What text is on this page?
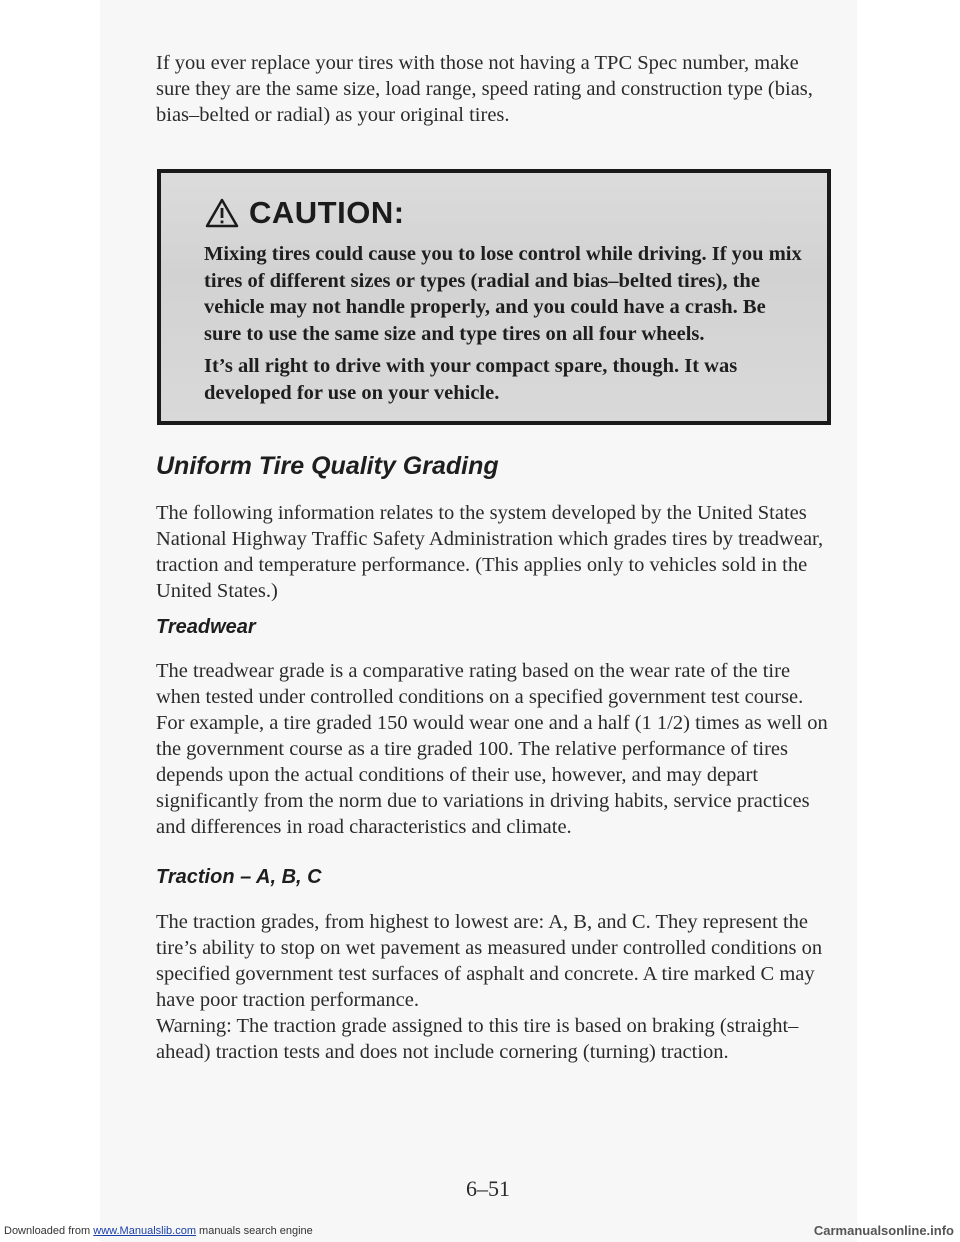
If you ever replace your tires with those not having a TPC Spec number, make sure they are the same size, load range, speed rating and construction type (bias, bias–belted or radial) as your original tires.

CAUTION:

Mixing tires could cause you to lose control while driving. If you mix tires of different sizes or types (radial and bias–belted tires), the vehicle may not handle properly, and you could have a crash. Be sure to use the same size and type tires on all four wheels.

It’s all right to drive with your compact spare, though. It was developed for use on your vehicle.

Uniform Tire Quality Grading

The following information relates to the system developed by the United States National Highway Traffic Safety Administration which grades tires by treadwear, traction and temperature performance. (This applies only to vehicles sold in the United States.)

Treadwear

The treadwear grade is a comparative rating based on the wear rate of the tire when tested under controlled conditions on a specified government test course. For example, a tire graded 150 would wear one and a half (1 1/2) times as well on the government course as a tire graded 100. The relative performance of tires depends upon the actual conditions of their use, however, and may depart significantly from the norm due to variations in driving habits, service practices and differences in road characteristics and climate.

Traction – A, B, C

The traction grades, from highest to lowest are: A, B, and C. They represent the tire’s ability to stop on wet pavement as measured under controlled conditions on specified government test surfaces of asphalt and concrete. A tire marked C may have poor traction performance.

Warning: The traction grade assigned to this tire is based on braking (straight–ahead) traction tests and does not include cornering (turning) traction.

6–51
Downloaded from www.Manualslib.com manuals search engine	Carmanualsonline.info
